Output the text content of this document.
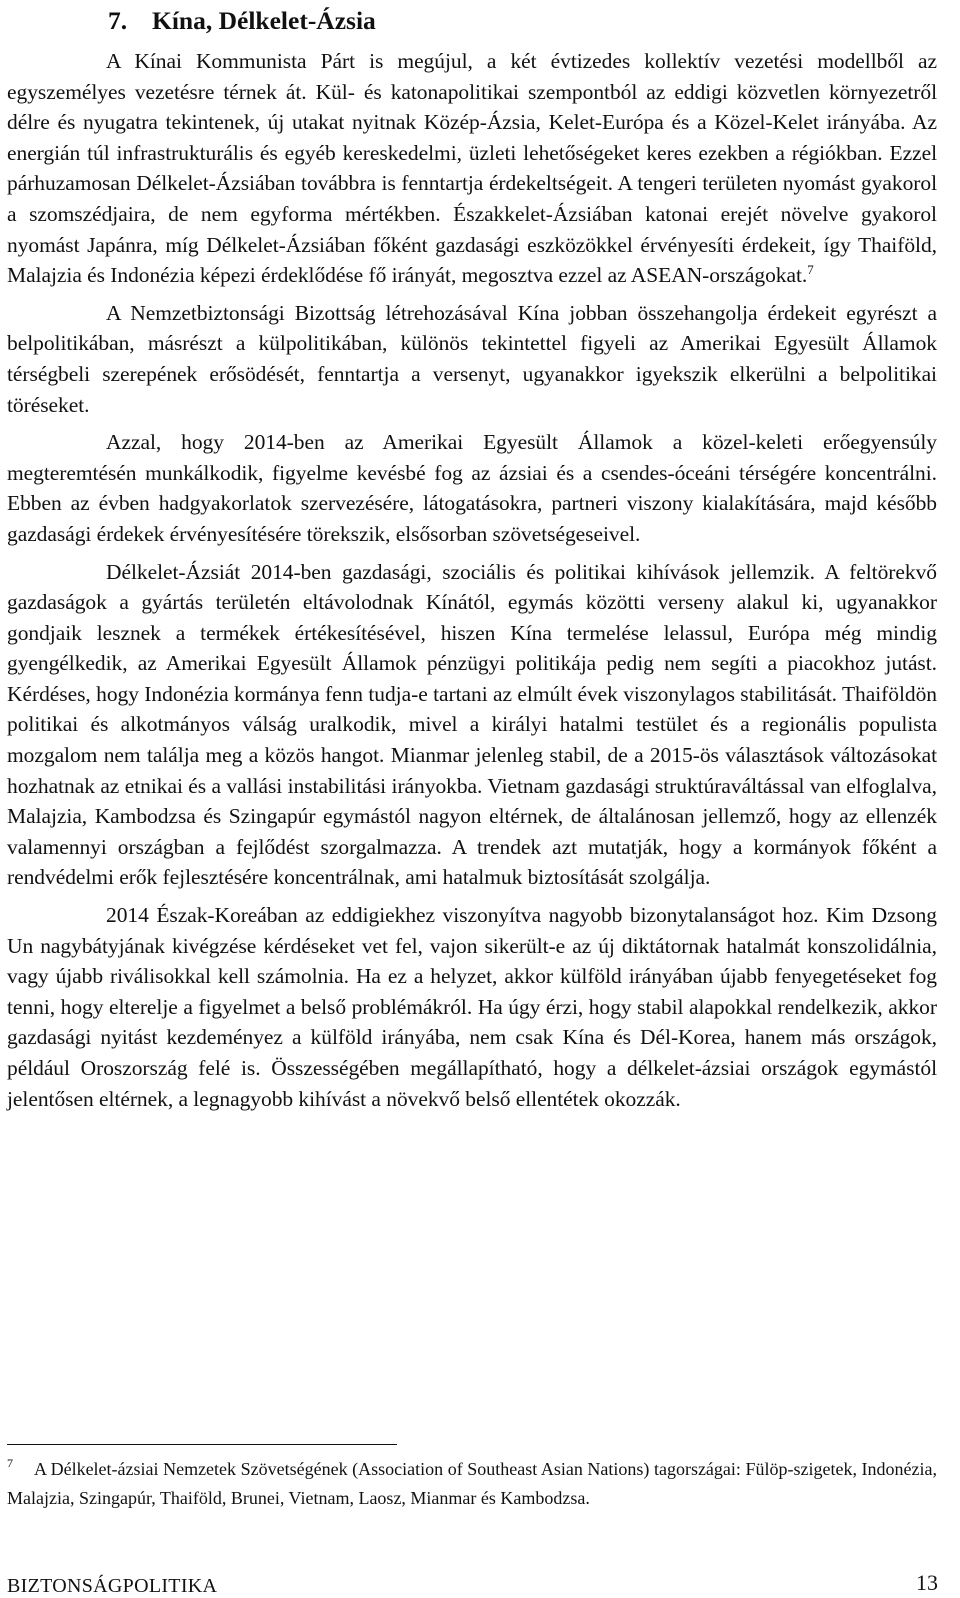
7. Kína, Délkelet-Ázsia

A Kínai Kommunista Párt is megújul, a két évtizedes kollektív vezetési modellből az egyszemélyes vezetésre térnek át. Kül- és katonapolitikai szempontból az eddigi közvetlen környezetről délre és nyugatra tekintenek, új utakat nyitnak Közép-Ázsia, Kelet-Európa és a Közel-Kelet irányába. Az energián túl infrastrukturális és egyéb kereskedelmi, üzleti lehetőségeket keres ezekben a régiókban. Ezzel párhuzamosan Délkelet-Ázsiában továbbra is fenntartja érdekeltségeit. A tengeri területen nyomást gyakorol a szomszédjaira, de nem egyforma mértékben. Északkelet-Ázsiában katonai erejét növelve gyakorol nyomást Japánra, míg Délkelet-Ázsiában főként gazdasági eszközökkel érvényesíti érdekeit, így Thaiföld, Malajzia és Indonézia képezi érdeklődése fő irányát, megosztva ezzel az ASEAN-országokat.$^7$

A Nemzetbiztonsági Bizottság létrehozásával Kína jobban összehangolja érdekeit egyrészt a belpolitikában, másrészt a külpolitikában, különös tekintettel figyeli az Amerikai Egyesült Államok térségbeli szerepének erősödését, fenntartja a versenyt, ugyanakkor igyekszik elkerülni a belpolitikai töréseket.

Azzal, hogy 2014-ben az Amerikai Egyesült Államok a közel-keleti erőegyensúly megteremtésén munkálkodik, figyelme kevésbé fog az ázsiai és a csendes-óceáni térségére koncentrálni. Ebben az évben hadgyakorlatok szervezésére, látogatásokra, partneri viszony kialakítására, majd később gazdasági érdekek érvényesítésére törekszik, elsősorban szövetségeseivel.

Délkelet-Ázsiát 2014-ben gazdasági, szociális és politikai kihívások jellemzik. A feltörekvő gazdaságok a gyártás területén eltávolodnak Kínától, egymás közötti verseny alakul ki, ugyanakkor gondjaik lesznek a termékek értékesítésével, hiszen Kína termelése lelassul, Európa még mindig gyengélkedik, az Amerikai Egyesült Államok pénzügyi politikája pedig nem segíti a piacokhoz jutást. Kérdéses, hogy Indonézia kormánya fenn tudja-e tartani az elmúlt évek viszonylagos stabilitását. Thaiföldön politikai és alkotmányos válság uralkodik, mivel a királyi hatalmi testület és a regionális populista mozgalom nem találja meg a közös hangot. Mianmar jelenleg stabil, de a 2015-ös választások változásokat hozhatnak az etnikai és a vallási instabilitási irányokba. Vietnam gazdasági struktúraváltással van elfoglalva, Malajzia, Kambodzsa és Szingapúr egymástól nagyon eltérnek, de általánosan jellemző, hogy az ellenzék valamennyi országban a fejlődést szorgalmazza. A trendek azt mutatják, hogy a kormányok főként a rendvédelmi erők fejlesztésére koncentrálnak, ami hatalmuk biztosítását szolgálja.

2014 Észak-Koreában az eddigiekhez viszonyítva nagyobb bizonytalanságot hoz. Kim Dzsong Un nagybátyjának kivégzése kérdéseket vet fel, vajon sikerült-e az új diktátornak hatalmát konszolidálnia, vagy újabb riválisokkal kell számolnia. Ha ez a helyzet, akkor külföld irányában újabb fenyegetéseket fog tenni, hogy elterelje a figyelmet a belső problémákról. Ha úgy érzi, hogy stabil alapokkal rendelkezik, akkor gazdasági nyitást kezdeményez a külföld irányába, nem csak Kína és Dél-Korea, hanem más országok, például Oroszország felé is. Összességében megállapítható, hogy a délkelet-ázsiai országok egymástól jelentősen eltérnek, a legnagyobb kihívást a növekvő belső ellentétek okozzák.

7	A Délkelet-ázsiai Nemzetek Szövetségének (Association of Southeast Asian Nations) tagországai: Fülöp-szigetek, Indonézia, Malajzia, Szingapúr, Thaiföld, Brunei, Vietnam, Laosz, Mianmar és Kambodzsa.
BIZTONSÁGPOLITIKA	13
